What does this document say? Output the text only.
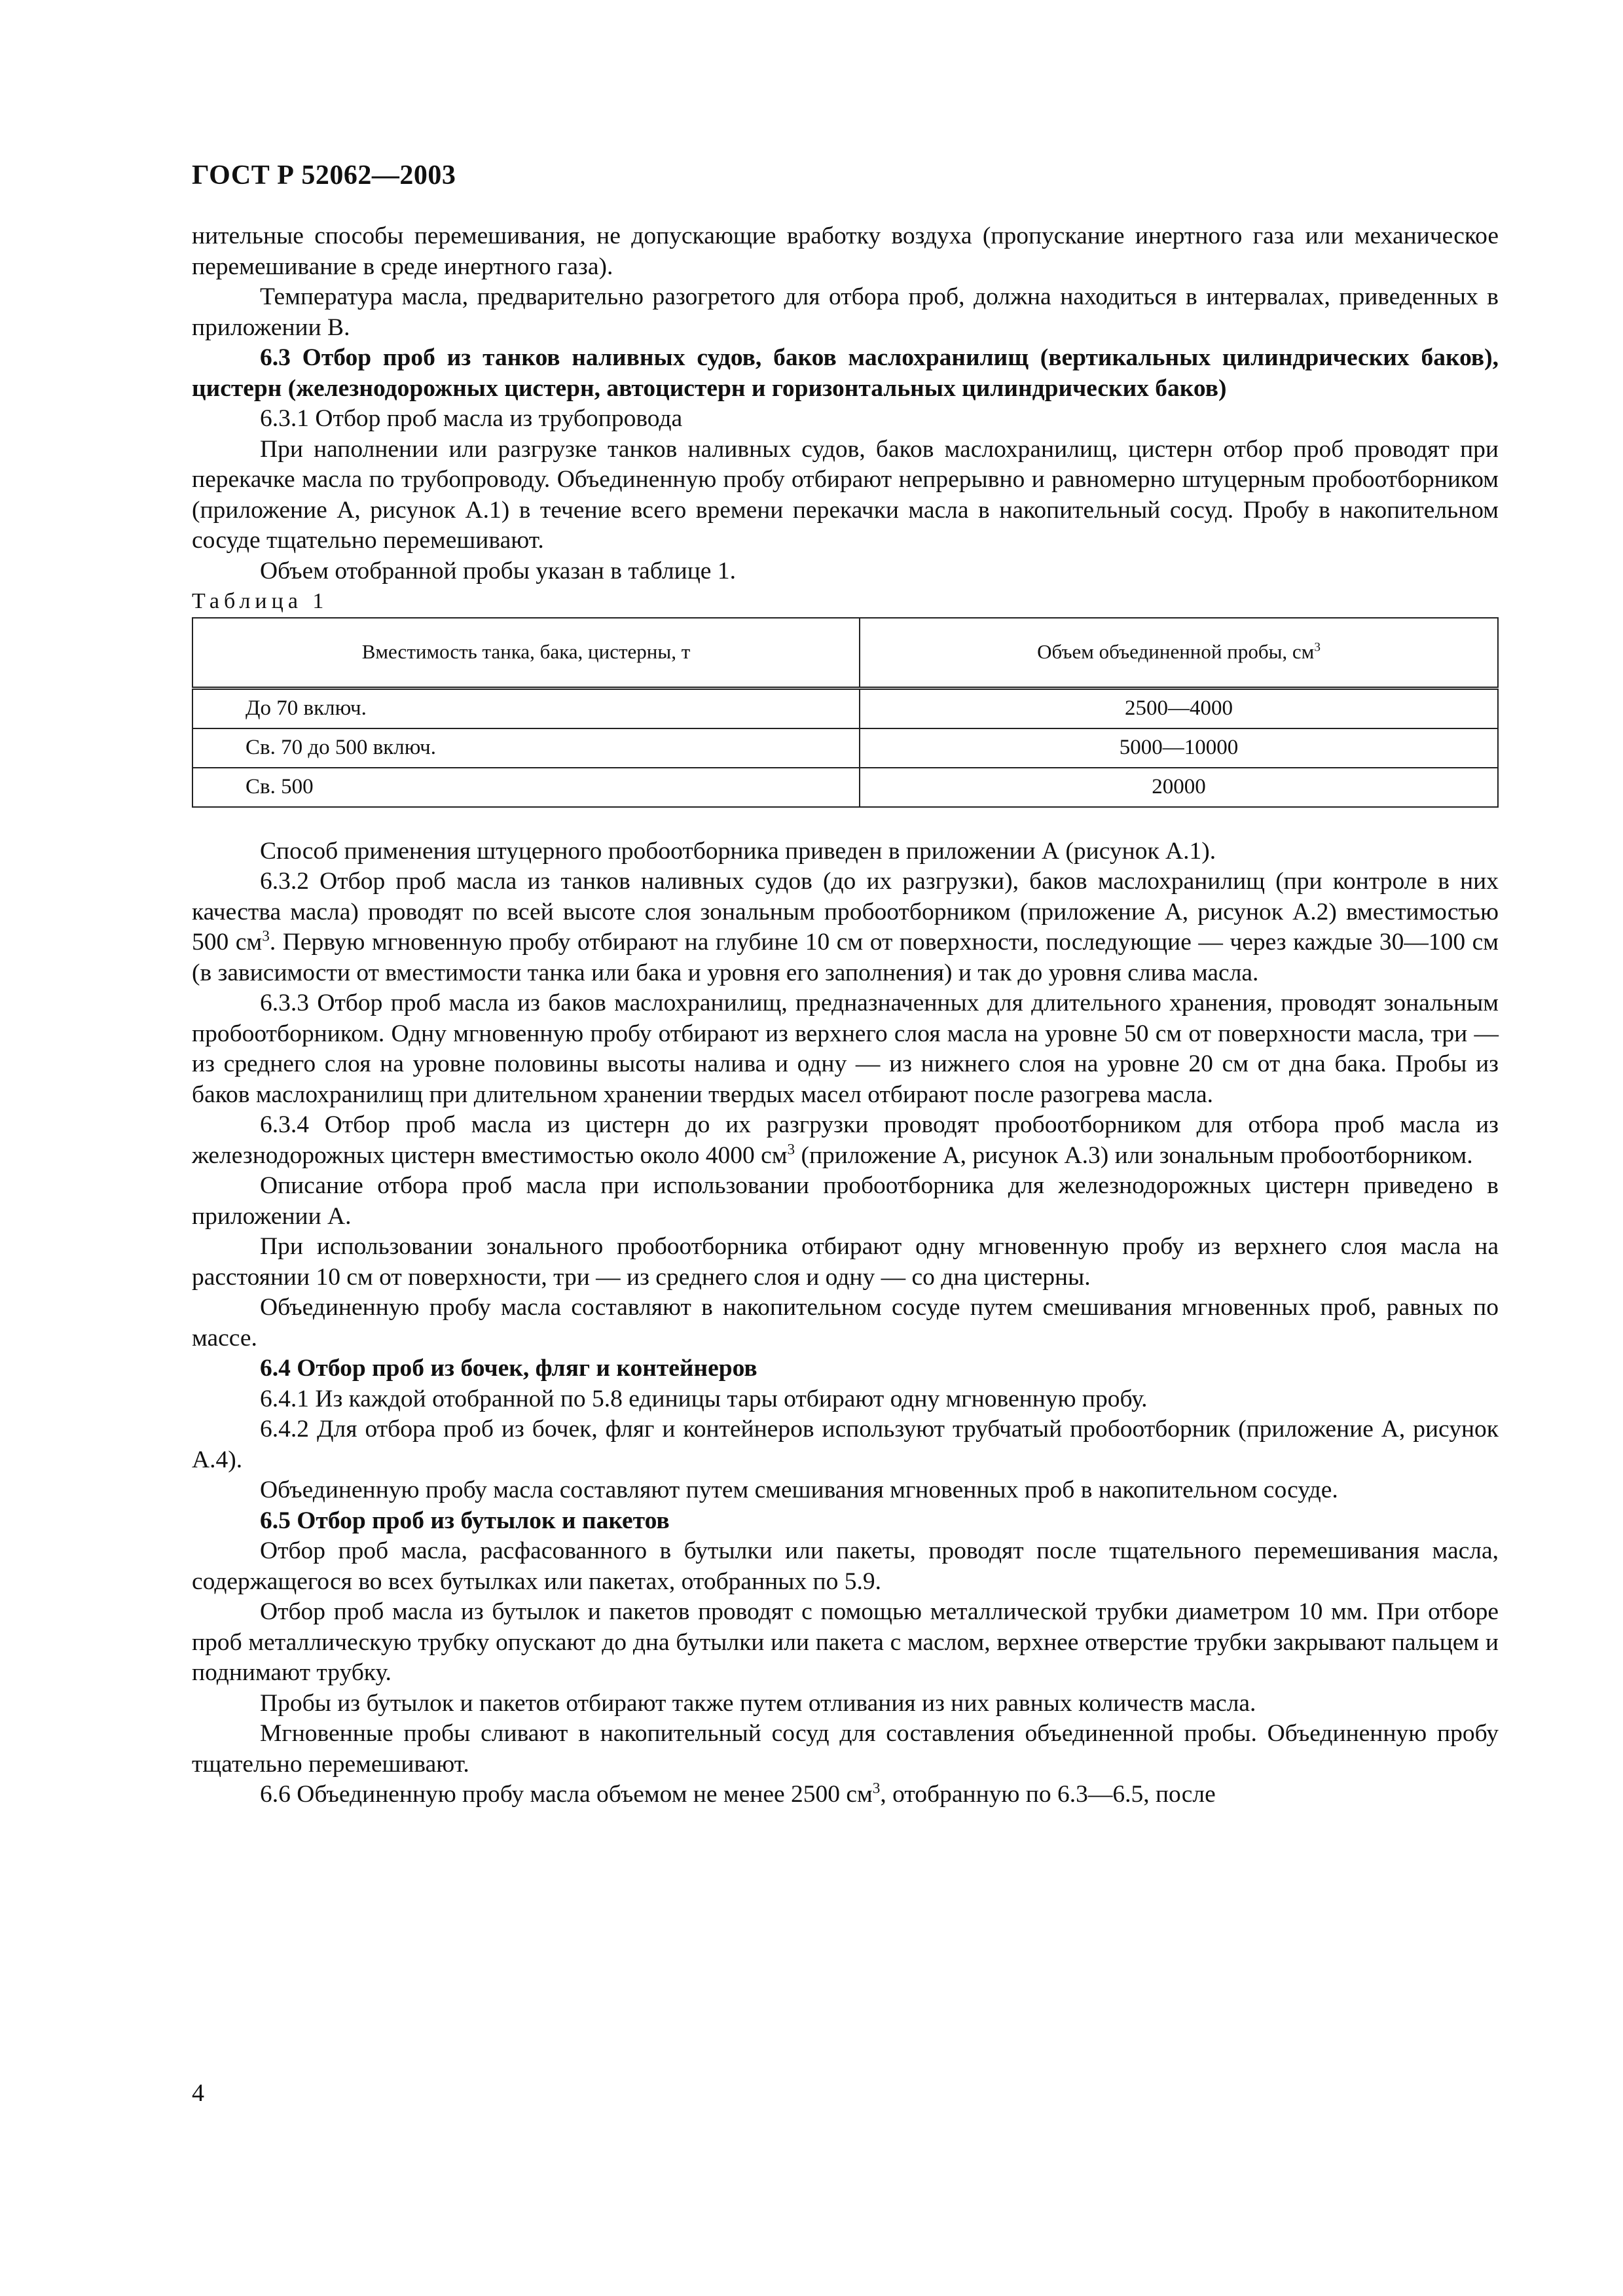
ГОСТ Р 52062—2003

нительные способы перемешивания, не допускающие вработку воздуха (пропускание инертного газа или механическое перемешивание в среде инертного газа).

Температура масла, предварительно разогретого для отбора проб, должна находиться в интервалах, приведенных в приложении В.

6.3 Отбор проб из танков наливных судов, баков маслохранилищ (вертикальных цилиндрических баков), цистерн (железнодорожных цистерн, автоцистерн и горизонтальных цилиндрических баков)

6.3.1 Отбор проб масла из трубопровода

При наполнении или разгрузке танков наливных судов, баков маслохранилищ, цистерн отбор проб проводят при перекачке масла по трубопроводу. Объединенную пробу отбирают непрерывно и равномерно штуцерным пробоотборником (приложение А, рисунок А.1) в течение всего времени перекачки масла в накопительный сосуд. Пробу в накопительном сосуде тщательно перемешивают.

Объем отобранной пробы указан в таблице 1.

Таблица 1

Вместимость танка, бака, цистерны, т	Объем объединенной пробы, $см^3$
До 70 включ.	2500—4000
Св. 70 до 500 включ.	5000—10000
Св. 500	20000

Способ применения штуцерного пробоотборника приведен в приложении А (рисунок А.1).

6.3.2 Отбор проб масла из танков наливных судов (до их разгрузки), баков маслохранилищ (при контроле в них качества масла) проводят по всей высоте слоя зональным пробоотборником (приложение А, рисунок А.2) вместимостью 500 $см^3$. Первую мгновенную пробу отбирают на глубине 10 см от поверхности, последующие — через каждые 30—100 см (в зависимости от вместимости танка или бака и уровня его заполнения) и так до уровня слива масла.

6.3.3 Отбор проб масла из баков маслохранилищ, предназначенных для длительного хранения, проводят зональным пробоотборником. Одну мгновенную пробу отбирают из верхнего слоя масла на уровне 50 см от поверхности масла, три — из среднего слоя на уровне половины высоты налива и одну — из нижнего слоя на уровне 20 см от дна бака. Пробы из баков маслохранилищ при длительном хранении твердых масел отбирают после разогрева масла.

6.3.4 Отбор проб масла из цистерн до их разгрузки проводят пробоотборником для отбора проб масла из железнодорожных цистерн вместимостью около 4000 $см^3$ (приложение А, рисунок А.3) или зональным пробоотборником.

Описание отбора проб масла при использовании пробоотборника для железнодорожных цистерн приведено в приложении А.

При использовании зонального пробоотборника отбирают одну мгновенную пробу из верхнего слоя масла на расстоянии 10 см от поверхности, три — из среднего слоя и одну — со дна цистерны.

Объединенную пробу масла составляют в накопительном сосуде путем смешивания мгновенных проб, равных по массе.

6.4 Отбор проб из бочек, фляг и контейнеров

6.4.1 Из каждой отобранной по 5.8 единицы тары отбирают одну мгновенную пробу.

6.4.2 Для отбора проб из бочек, фляг и контейнеров используют трубчатый пробоотборник (приложение А, рисунок А.4).

Объединенную пробу масла составляют путем смешивания мгновенных проб в накопительном сосуде.

6.5 Отбор проб из бутылок и пакетов

Отбор проб масла, расфасованного в бутылки или пакеты, проводят после тщательного перемешивания масла, содержащегося во всех бутылках или пакетах, отобранных по 5.9.

Отбор проб масла из бутылок и пакетов проводят с помощью металлической трубки диаметром 10 мм. При отборе проб металлическую трубку опускают до дна бутылки или пакета с маслом, верхнее отверстие трубки закрывают пальцем и поднимают трубку.

Пробы из бутылок и пакетов отбирают также путем отливания из них равных количеств масла.

Мгновенные пробы сливают в накопительный сосуд для составления объединенной пробы. Объединенную пробу тщательно перемешивают.

6.6 Объединенную пробу масла объемом не менее 2500 $см^3$, отобранную по 6.3—6.5, после

4
